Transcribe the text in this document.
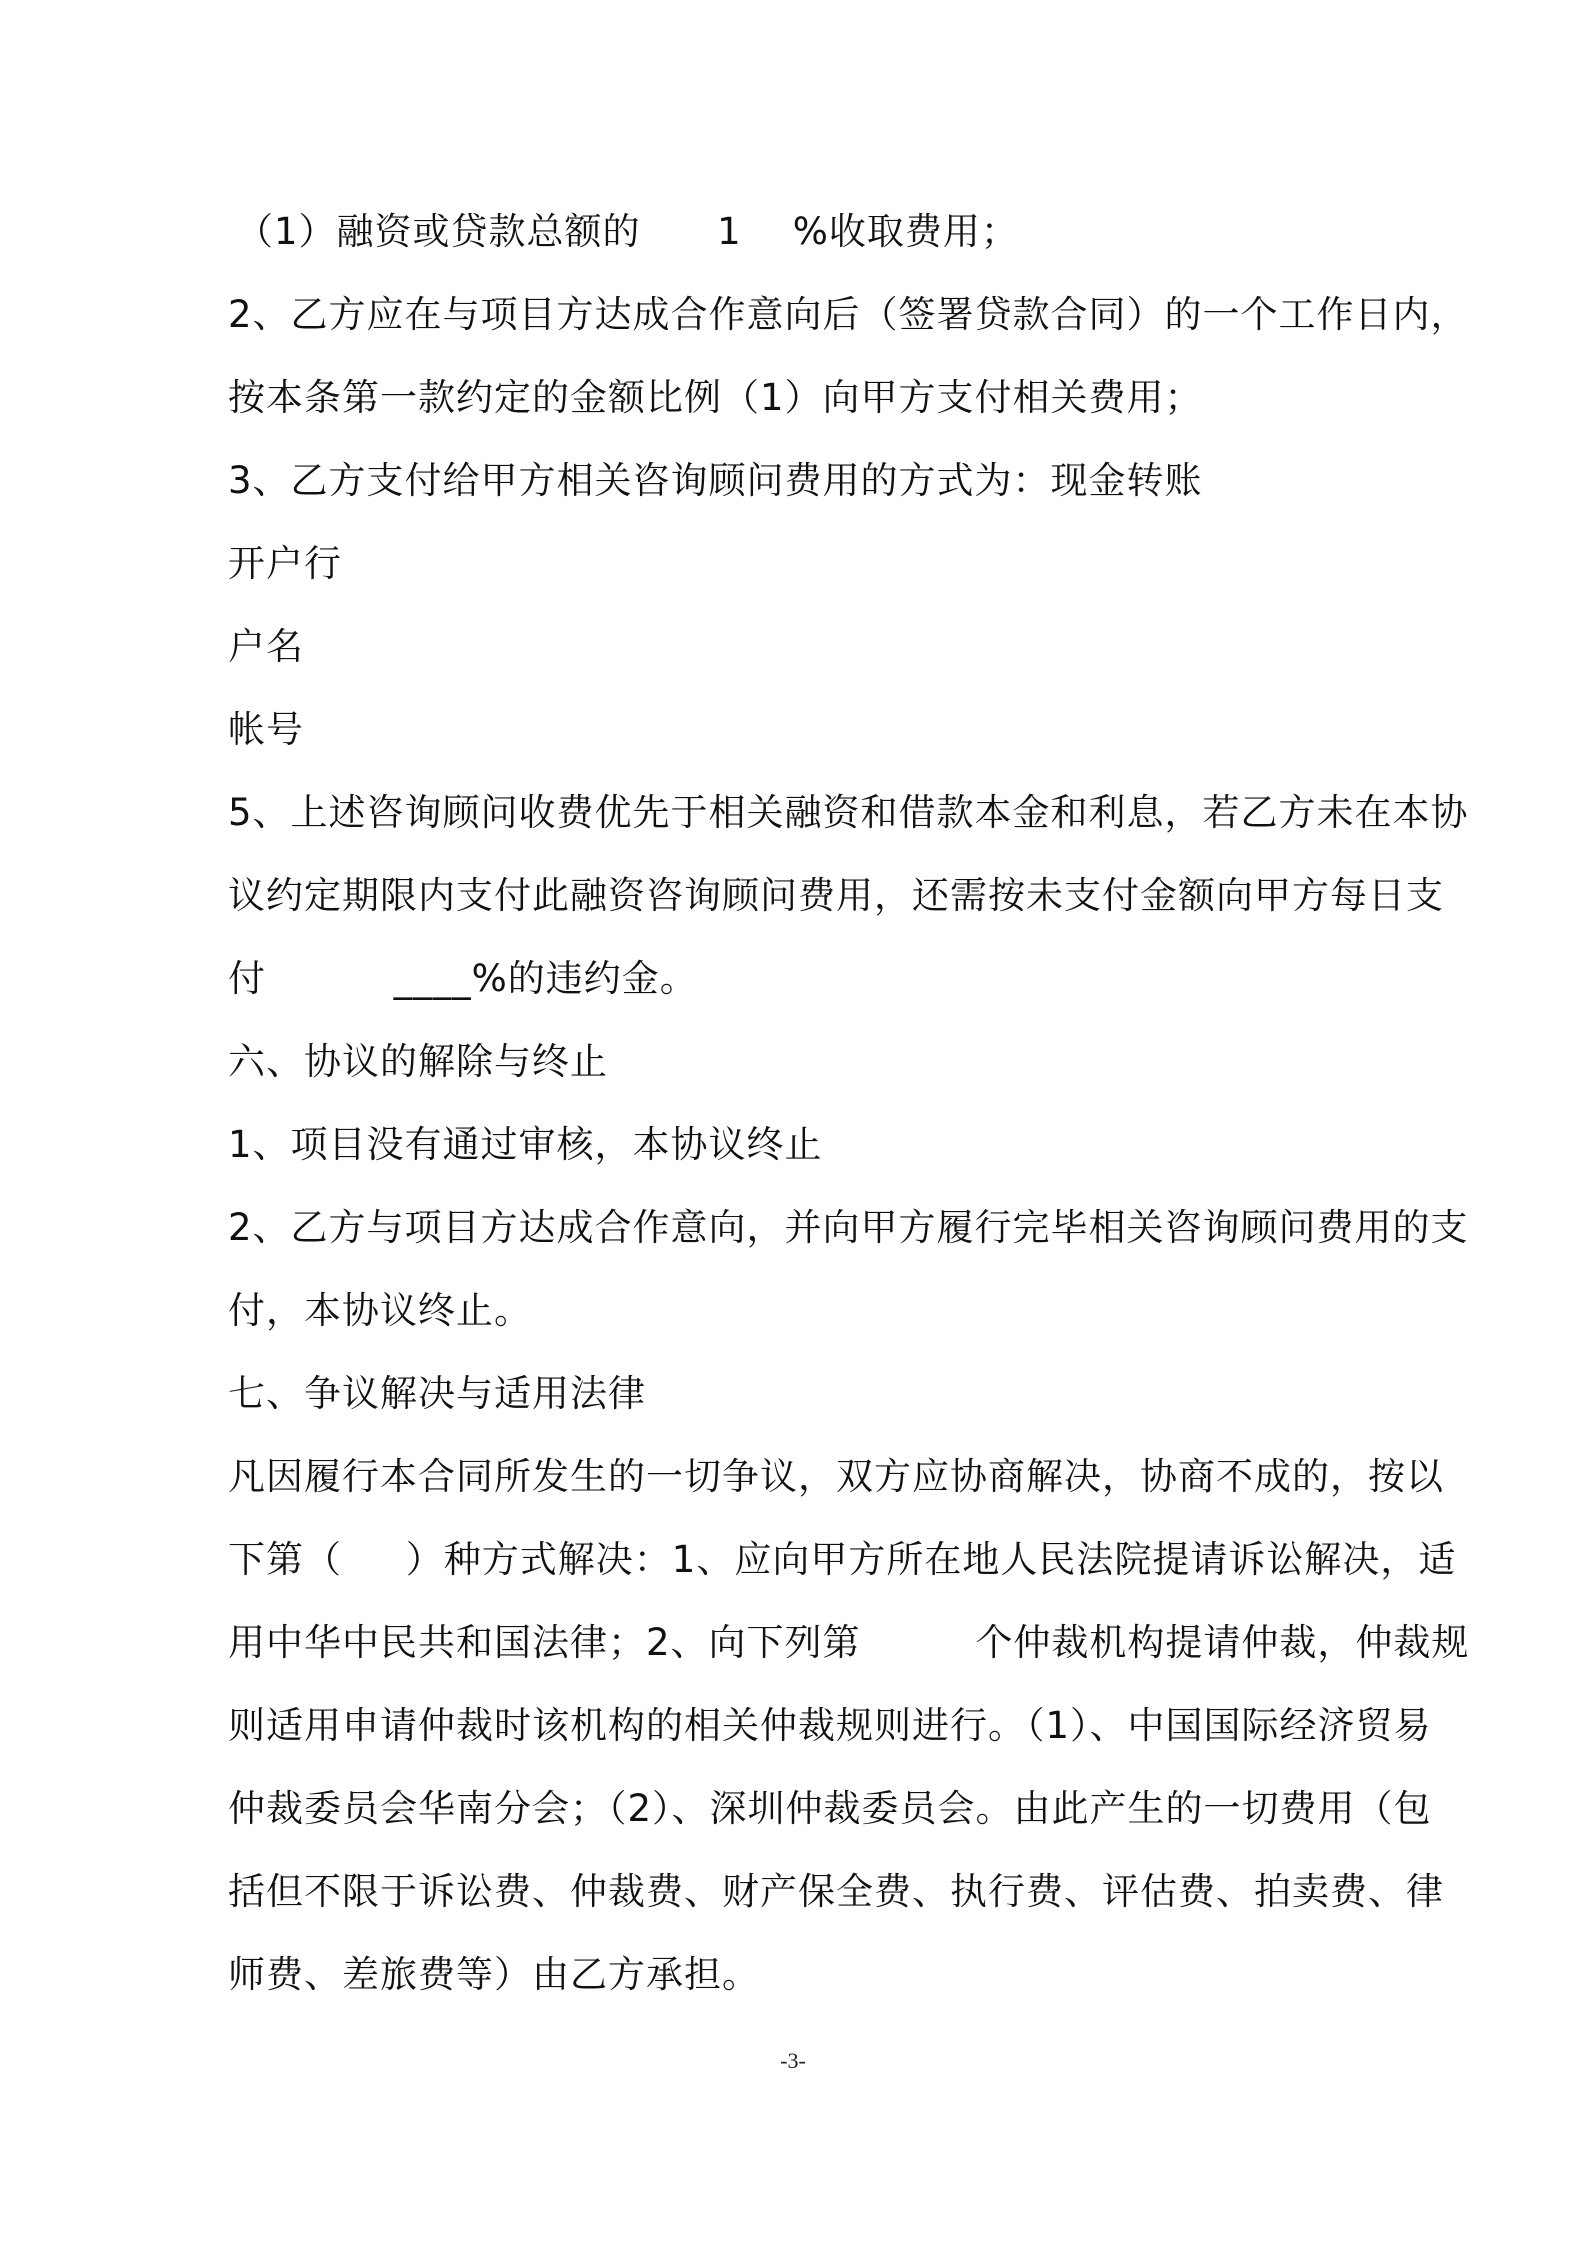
（1）融资或贷款总额的      1    %收取费用；
2、乙方应在与项目方达成合作意向后（签署贷款合同）的一个工作日内，
按本条第一款约定的金额比例（1）向甲方支付相关费用；
3、乙方支付给甲方相关咨询顾问费用的方式为：现金转账
开户行
户名
帐号
5、上述咨询顾问收费优先于相关融资和借款本金和利息，若乙方未在本协
议约定期限内支付此融资咨询顾问费用，还需按未支付金额向甲方每日支
付          ____%的违约金。
六、协议的解除与终止
1、项目没有通过审核，本协议终止
2、乙方与项目方达成合作意向，并向甲方履行完毕相关咨询顾问费用的支
付，本协议终止。
七、争议解决与适用法律
凡因履行本合同所发生的一切争议，双方应协商解决，协商不成的，按以
下第（     ）种方式解决：1、应向甲方所在地人民法院提请诉讼解决，适
用中华中民共和国法律；2、向下列第         个仲裁机构提请仲裁，仲裁规
则适用申请仲裁时该机构的相关仲裁规则进行。（1）、中国国际经济贸易
仲裁委员会华南分会；（2）、深圳仲裁委员会。由此产生的一切费用（包
括但不限于诉讼费、仲裁费、财产保全费、执行费、评估费、拍卖费、律
师费、差旅费等）由乙方承担。
-3-
